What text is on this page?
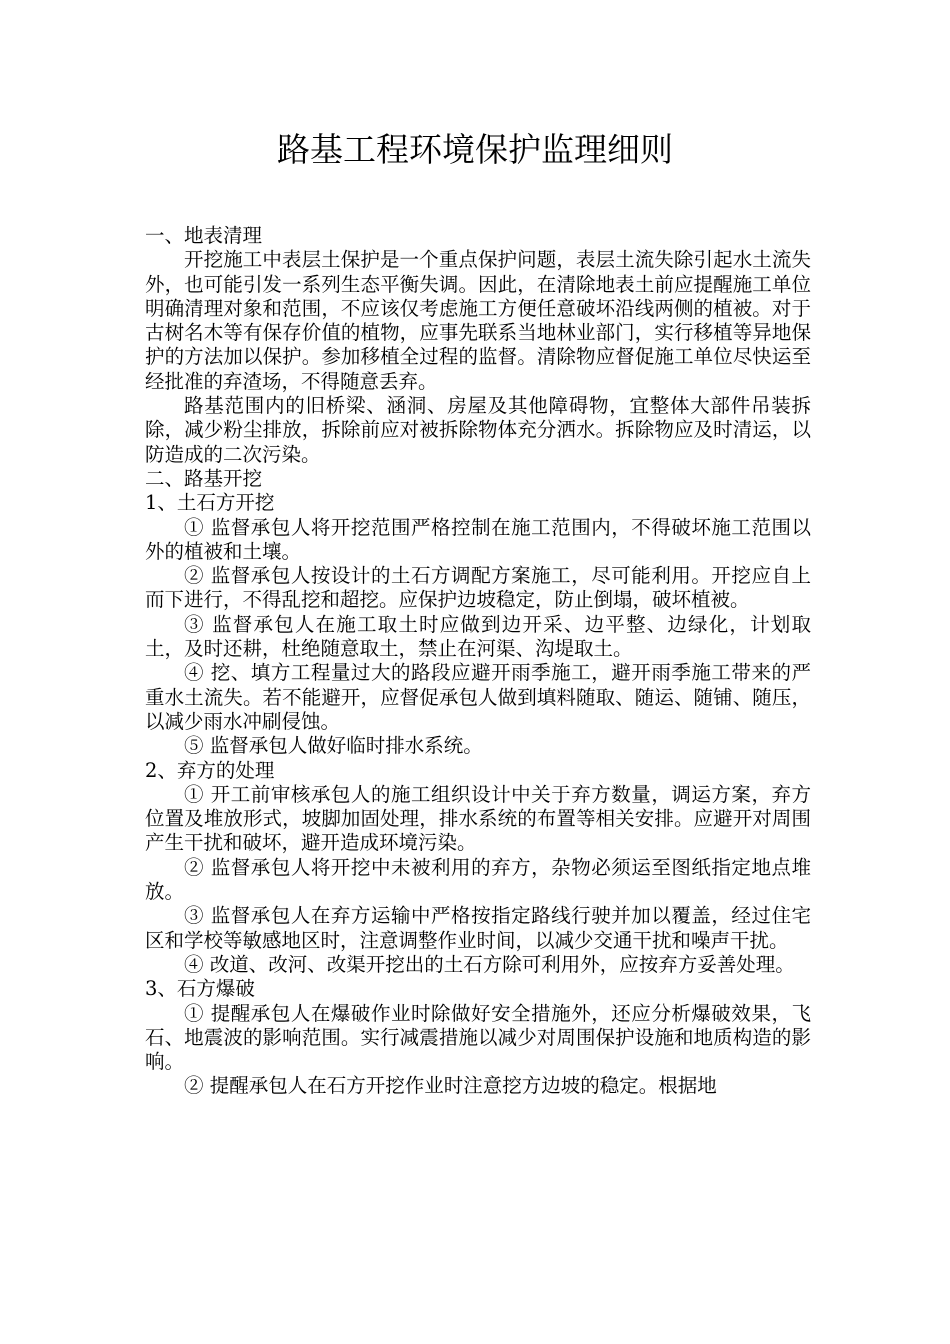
路基工程环境保护监理细则

一、地表清理

开挖施工中表层土保护是一个重点保护问题，表层土流失除引起水土流失外，也可能引发一系列生态平衡失调。因此，在清除地表土前应提醒施工单位明确清理对象和范围，不应该仅考虑施工方便任意破坏沿线两侧的植被。对于古树名木等有保存价值的植物，应事先联系当地林业部门，实行移植等异地保护的方法加以保护。参加移植全过程的监督。清除物应督促施工单位尽快运至经批准的弃渣场，不得随意丢弃。

路基范围内的旧桥梁、涵洞、房屋及其他障碍物，宜整体大部件吊装拆除，减少粉尘排放，拆除前应对被拆除物体充分洒水。拆除物应及时清运，以防造成的二次污染。

二、路基开挖

1、土石方开挖

① 监督承包人将开挖范围严格控制在施工范围内，不得破坏施工范围以外的植被和土壤。

② 监督承包人按设计的土石方调配方案施工，尽可能利用。开挖应自上而下进行，不得乱挖和超挖。应保护边坡稳定，防止倒塌，破坏植被。

③ 监督承包人在施工取土时应做到边开采、边平整、边绿化，计划取土，及时还耕，杜绝随意取土，禁止在河渠、沟堤取土。

④ 挖、填方工程量过大的路段应避开雨季施工，避开雨季施工带来的严重水土流失。若不能避开，应督促承包人做到填料随取、随运、随铺、随压，以减少雨水冲刷侵蚀。

⑤ 监督承包人做好临时排水系统。

2、弃方的处理

① 开工前审核承包人的施工组织设计中关于弃方数量，调运方案，弃方位置及堆放形式，坡脚加固处理，排水系统的布置等相关安排。应避开对周围产生干扰和破坏，避开造成环境污染。

② 监督承包人将开挖中未被利用的弃方，杂物必须运至图纸指定地点堆放。

③ 监督承包人在弃方运输中严格按指定路线行驶并加以覆盖，经过住宅区和学校等敏感地区时，注意调整作业时间，以减少交通干扰和噪声干扰。

④ 改道、改河、改渠开挖出的土石方除可利用外，应按弃方妥善处理。

3、石方爆破

① 提醒承包人在爆破作业时除做好安全措施外，还应分析爆破效果，飞石、地震波的影响范围。实行减震措施以减少对周围保护设施和地质构造的影响。

② 提醒承包人在石方开挖作业时注意挖方边坡的稳定。根据地
